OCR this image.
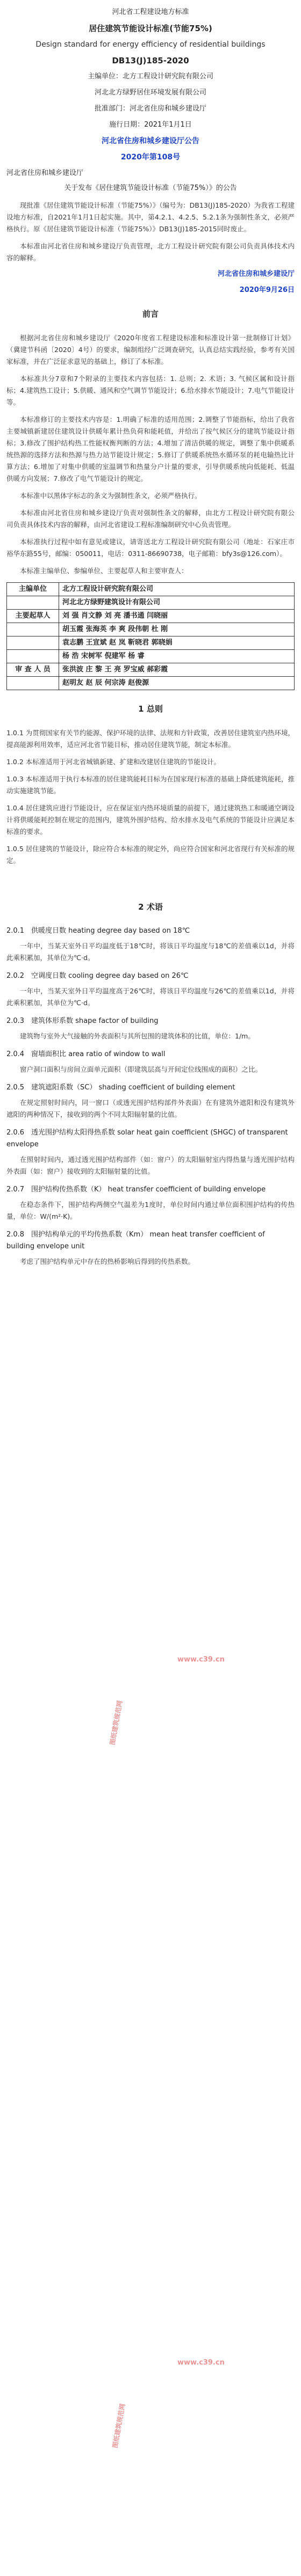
河北省工程建设地方标准

居住建筑节能设计标准(节能75%)

Design standard for energy efficiency of residential buildings

DB13(J)185-2020

主编单位：北方工程设计研究院有限公司

河北北方绿野居住环境发展有限公司

批准部门：河北省住房和城乡建设厅

施行日期：2021年1月1日

河北省住房和城乡建设厅公告

2020年第108号

河北省住房和城乡建设厅

关于发布《居住建筑节能设计标准（节能75%）》的公告

现批准《居住建筑节能设计标准（节能75%）》（编号为：DB13(J)185-2020）为我省工程建设地方标准，自2021年1月1日起实施。其中，第4.2.1、4.2.5、5.2.1条为强制性条文，必须严格执行。原《居住建筑节能设计标准（节能75%）》DB13(J)185-2015同时废止。

本标准由河北省住房和城乡建设厅负责管理，北方工程设计研究院有限公司负责具体技术内容的解释。

河北省住房和城乡建设厅

2020年9月26日

前言

根据河北省住房和城乡建设厅《2020年度省工程建设标准和标准设计第一批制修订计划》（冀建节科函〔2020〕4号）的要求，编制组经广泛调查研究，认真总结实践经验，参考有关国家标准，并在广泛征求意见的基础上，修订了本标准。

本标准共分7章和7个附录的主要技术内容包括：1. 总则；2. 术语；3. 气候区属和设计指标；4.建筑热工设计；5.供暖、通风和空气调节节能设计；6.给水排水节能设计；7.电气节能设计等。

本标准修订的主要技术内容是：1.明确了标准的适用范围；2.调整了节能指标，给出了我省主要城镇新建居住建筑设计供暖年累计热负荷和能耗值，并给出了按气候区分的建筑节能设计指标；3.修改了围护结构热工性能权衡判断的方法；4.增加了清洁供暖的规定，调整了集中供暖系统热源的选择方法和热源与热力站节能设计规定；5.修订了供暖系统热水循环泵的耗电输热比计算方法；6.增加了对集中供暖的室温调节和热量分户计量的要求，引导供暖系统向低能耗、低温供暖方向发展；7.修改了电气节能设计的规定。

本标准中以黑体字标志的条文为强制性条文，必须严格执行。

本标准由河北省住房和城乡建设厅负责对强制性条文的解释，由北方工程设计研究院有限公司负责具体技术内容的解释，由河北省建设工程标准编制研究中心负责管理。

本标准执行过程中如有意见或建议，请寄送北方工程设计研究院有限公司（地址：石家庄市裕华东路55号，邮编：050011，电话：0311-86690738，电子邮箱：bfy3s@126.com）。

本标准主编单位、参编单位、主要起草人和主要审查人：

主编单位	北方工程设计研究院有限公司
	河北北方绿野建筑设计有限公司
主要起草人	刘 强 肖文静 刘 亮 潘书通 闫晓丽
	胡玉霞 张海英 李 爽 段伟朝 杜 刚
	袁志鹏 王宣斌 赵 岚 靳晓君 郭晓娟
	杨 浩 宋树军 倪建军 杨 睿
审 查 人 员	张洪波 庄 黎 王 亮 罗宝威 郝彩霞
	赵明友 赵 辰 何宗涛 赵俊源

1 总则

1.0.1 为贯彻国家有关节约能源、保护环境的法律、法规和方针政策，改善居住建筑室内热环境，提高能源利用效率，适应河北省节能目标，推动居住建筑节能，制定本标准。

1.0.2 本标准适用于河北省城镇新建、扩建和改建居住建筑的节能设计。

1.0.3 本标准适用于执行本标准的居住建筑能耗目标为在国家现行标准的基础上降低建筑能耗，推动实施建筑节能。

1.0.4 居住建筑应进行节能设计，应在保证室内热环境质量的前提下，通过建筑热工和暖通空调设计将供暖能耗控制在规定的范围内，建筑外围护结构、给水排水及电气系统的节能设计应满足本标准的要求。

1.0.5 居住建筑的节能设计，除应符合本标准的规定外，尚应符合国家和河北省现行有关标准的规定。

2 术语

2.0.1 供暖度日数 heating degree day based on 18℃

一年中，当某天室外日平均温度低于18℃时，将该日平均温度与18℃的差值乘以1d，并将此乘积累加，其单位为℃·d。

2.0.2 空调度日数 cooling degree day based on 26℃

一年中，当某天室外日平均温度高于26℃时，将该日平均温度与26℃的差值乘以1d，并将此乘积累加，其单位为℃·d。

2.0.3 建筑体形系数 shape factor of building

建筑物与室外大气接触的外表面积与其所包围的建筑体积的比值，单位：1/m。

2.0.4 窗墙面积比 area ratio of window to wall

窗户洞口面积与房间立面单元面积（即建筑层高与开间定位线围成的面积）之比。

2.0.5 建筑遮阳系数（SC） shading coefficient of building element

在规定照射时间内，同一窗口（或透光围护结构部件外表面）在有建筑外遮阳和没有建筑外遮阳的两种情况下，接收到的两个不同太阳辐射量的比值。

2.0.6 透光围护结构太阳得热系数 solar heat gain coefficient (SHGC) of transparent envelope

在照射时间内，通过透光围护结构部件（如：窗户）的太阳辐射室内得热量与透光围护结构外表面（如：窗户）接收到的太阳辐射量的比值。

2.0.7 围护结构传热系数（K） heat transfer coefficient of building envelope

在稳态条件下，围护结构两侧空气温差为1度时，单位时间内通过单位面积围护结构的传热量，单位：W/(m²·K)。

2.0.8 围护结构单元的平均传热系数（Km） mean heat transfer coefficient of building envelope unit

考虑了围护结构单元中存在的热桥影响后得到的传热系数。

www.c39.cn
图纸建筑规范网
www.c39.cn
图纸建筑规范网
